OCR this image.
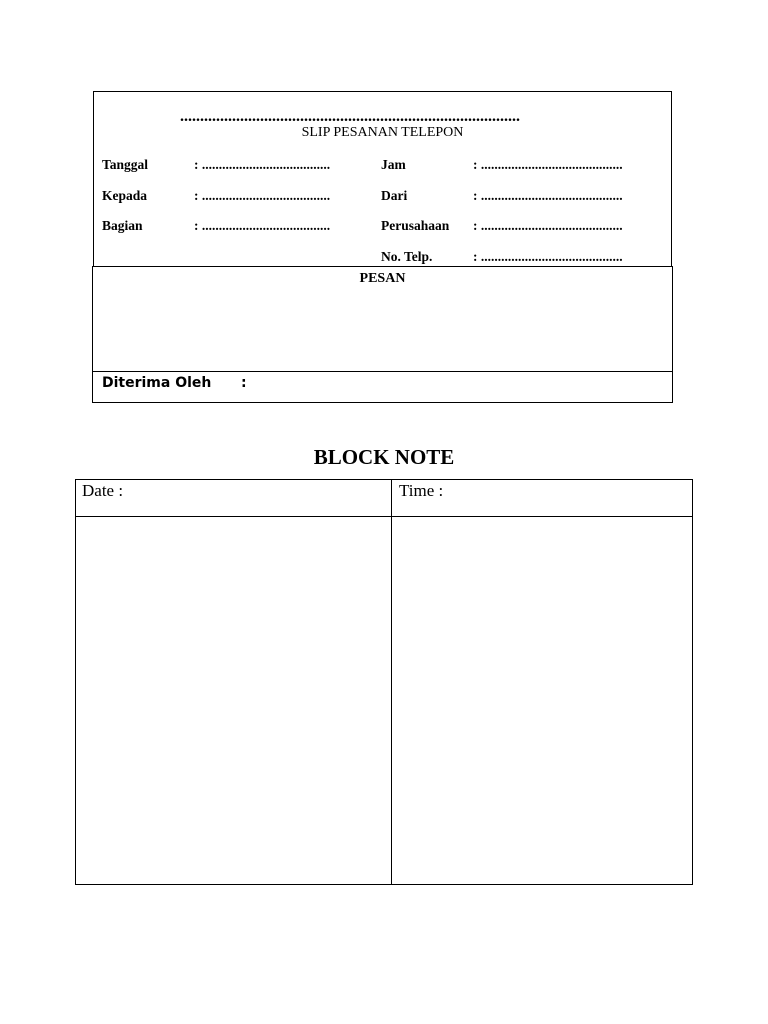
.....................................................................................
SLIP PESANAN TELEPON
Tanggal	: ......................................
Kepada	: ......................................
Bagian	: ......................................
Jam	: ..........................................
Dari	: ..........................................
Perusahaan : ..........................................
No. Telp.	: ..........................................
PESAN
Diterima Oleh :
BLOCK NOTE
Date :	Time :
